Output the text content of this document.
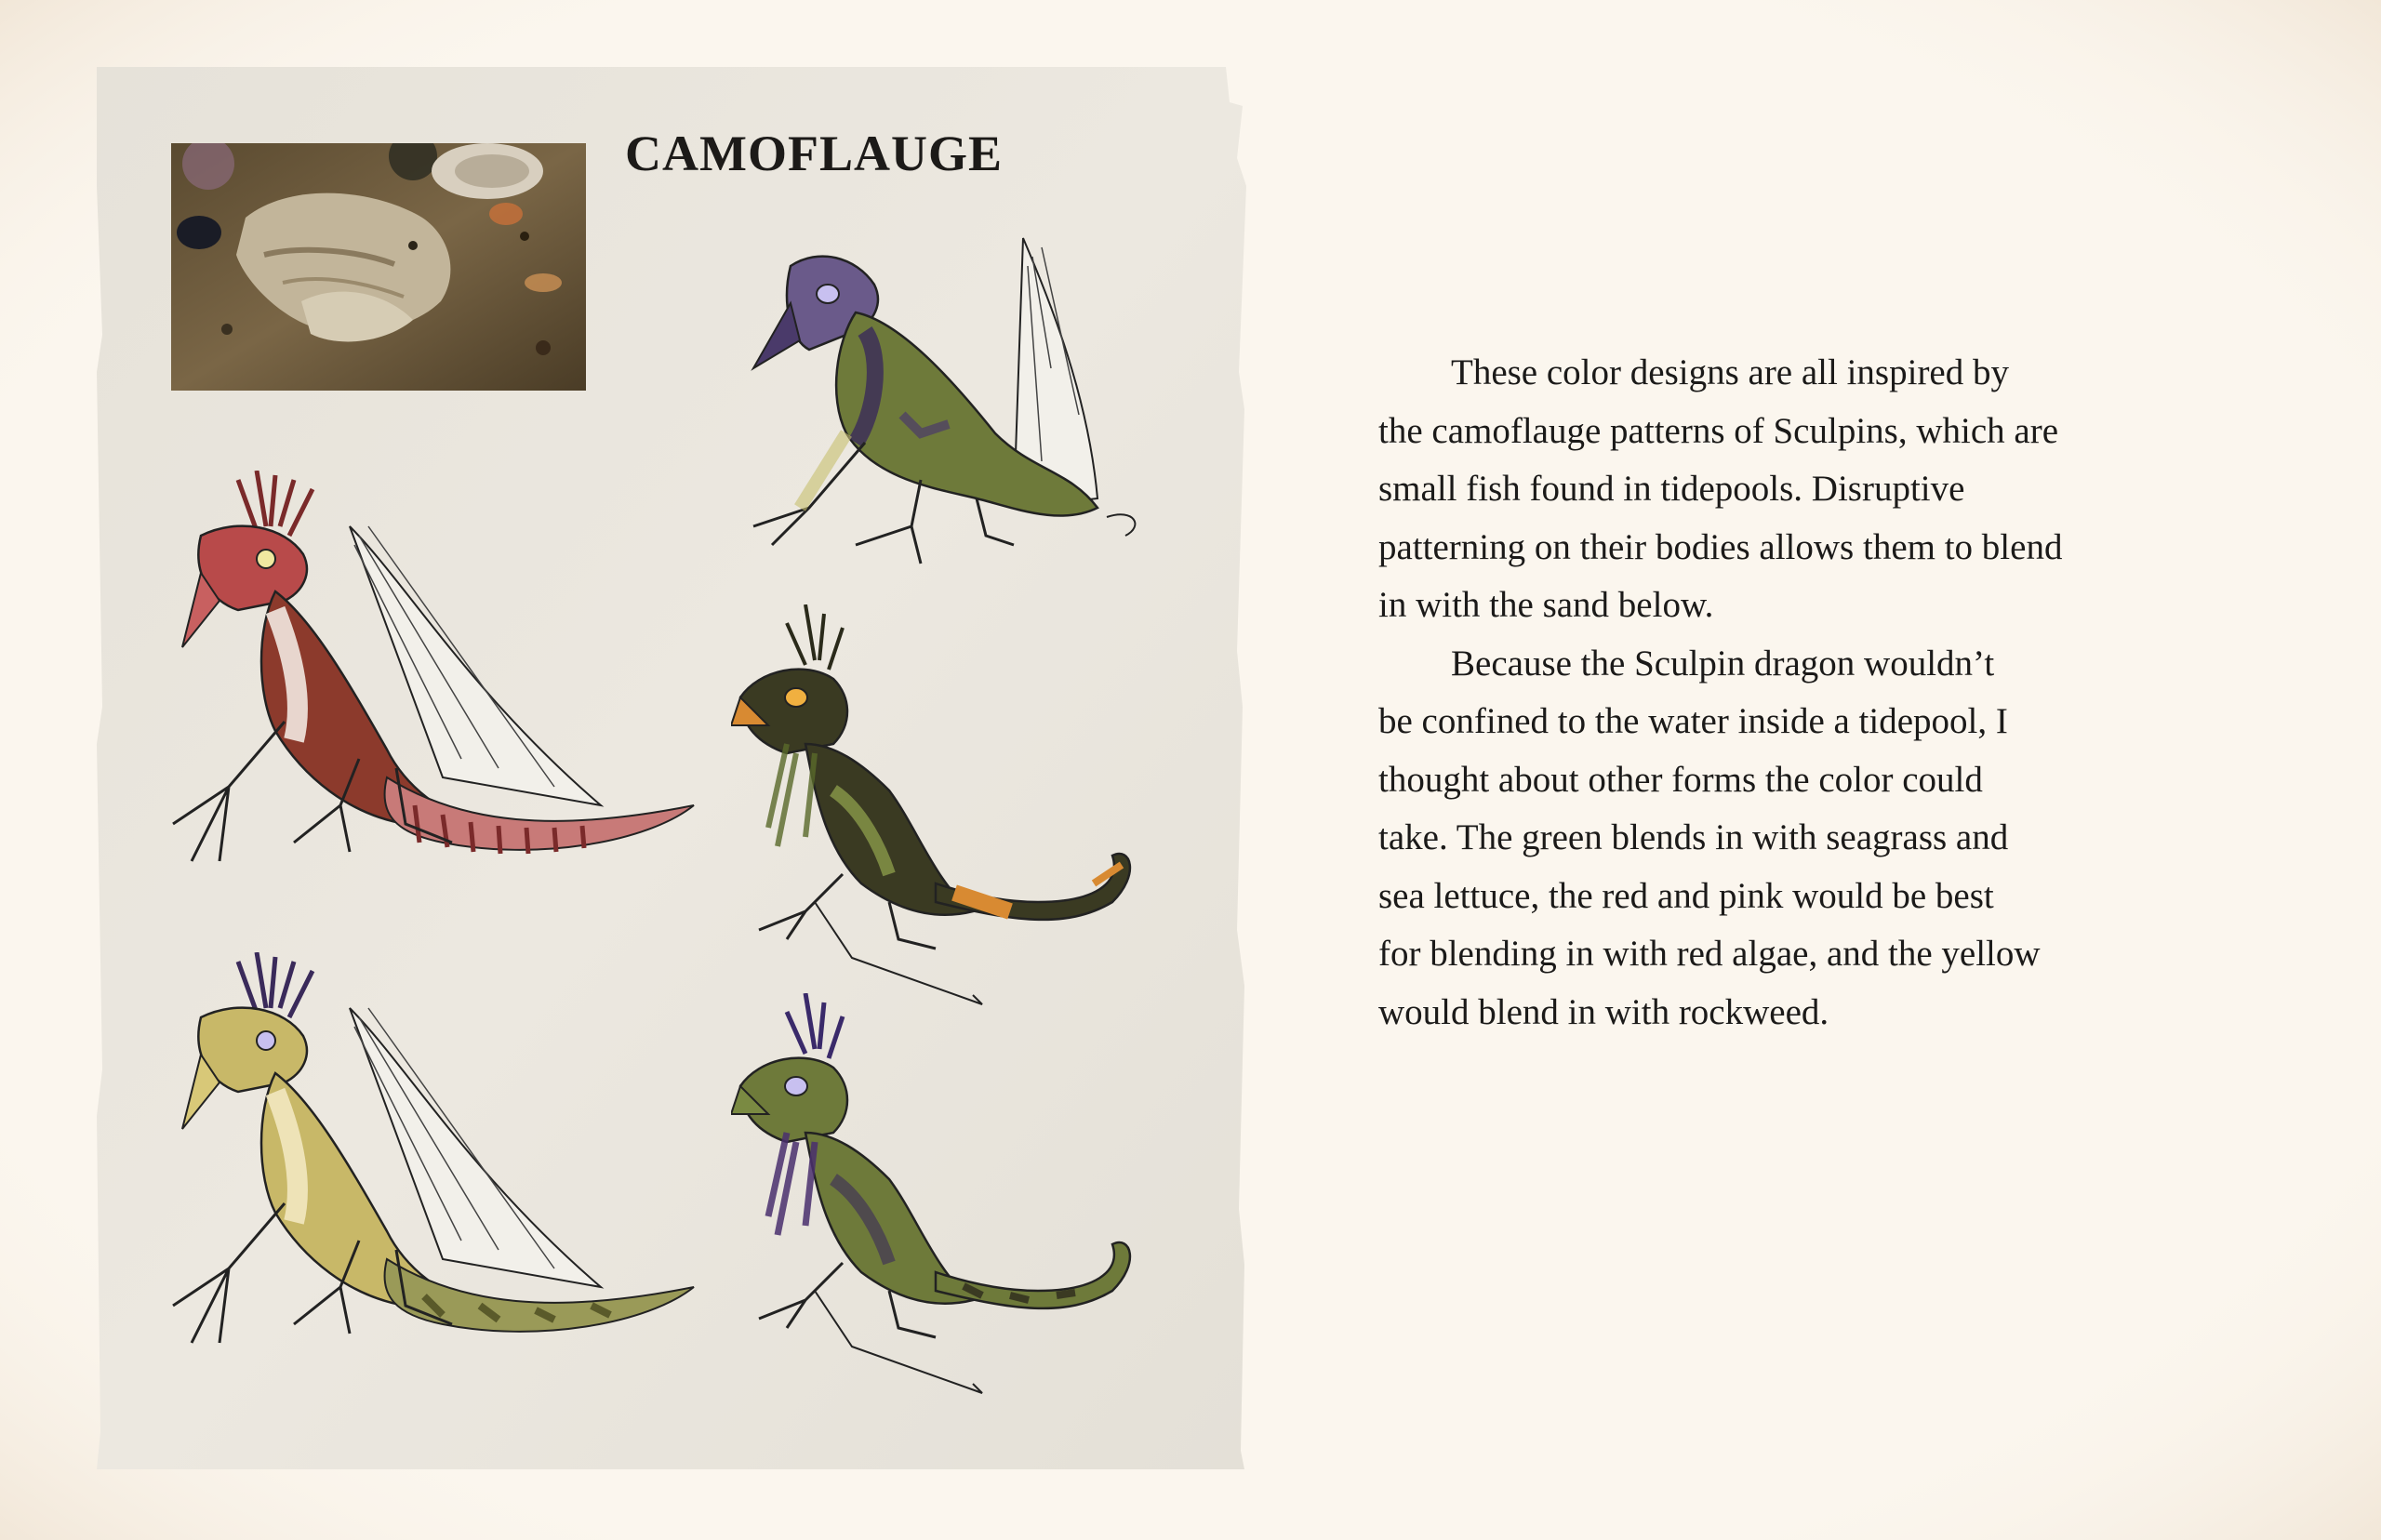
CAMOFLAUGE
These color designs are all inspired by
the camoflauge patterns of Sculpins, which are
small fish found in tidepools. Disruptive
patterning on their bodies allows them to blend
in with the sand below.
Because the Sculpin dragon wouldn’t
be confined to the water inside a tidepool, I
thought about other forms the color could
take. The green blends in with seagrass and
sea lettuce, the red and pink would be best
for blending in with red algae, and the yellow
would blend in with rockweed.
